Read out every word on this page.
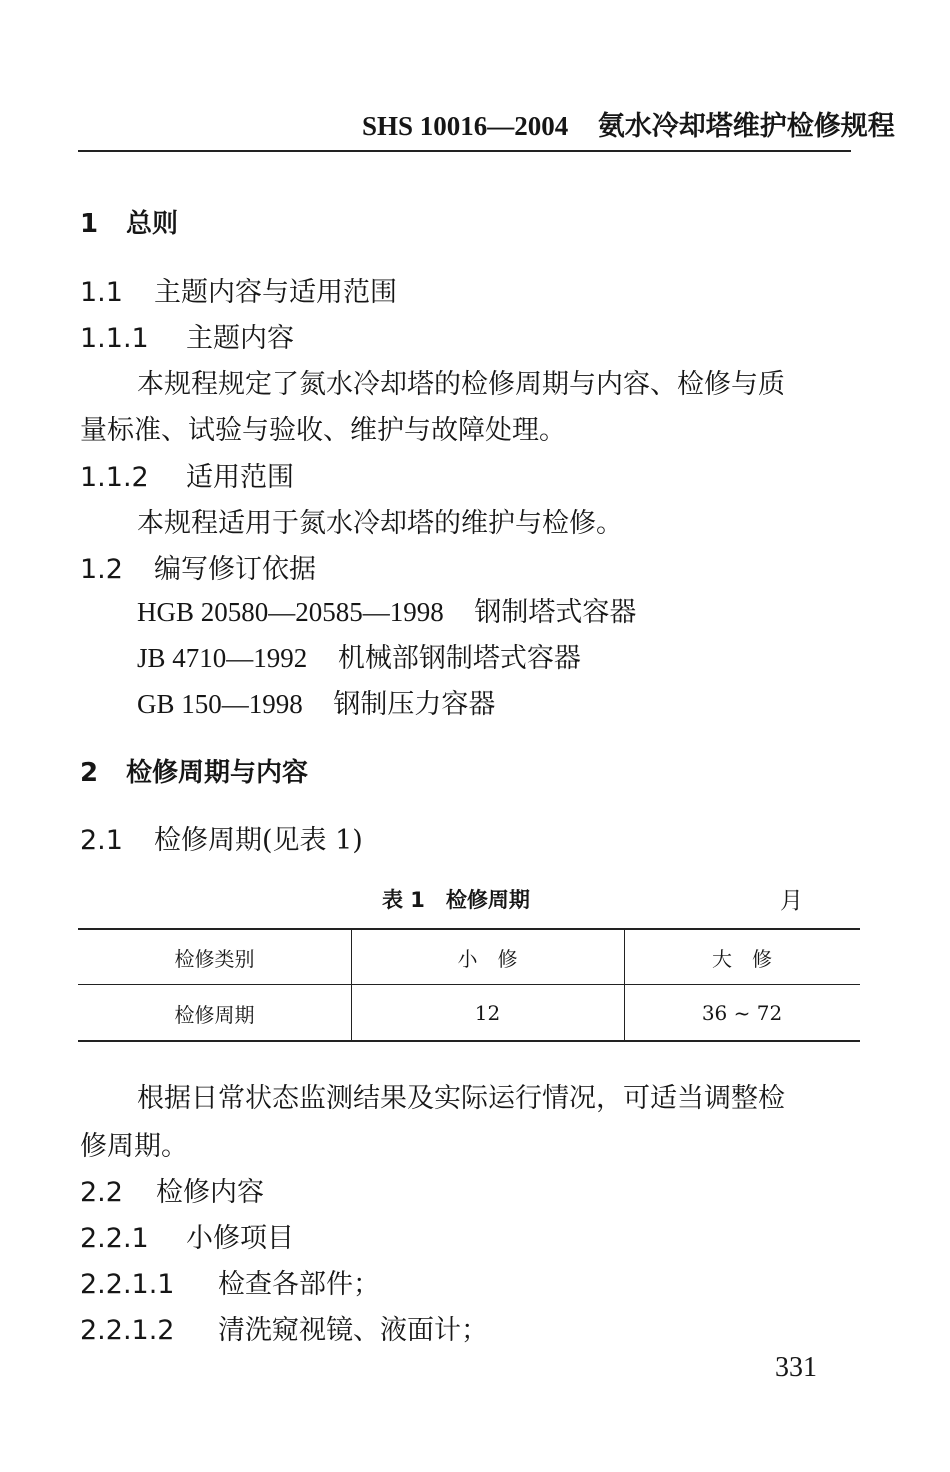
SHS 10016—2004 氨水冷却塔维护检修规程
1 总则
1.1 主题内容与适用范围
1.1.1 主题内容
本规程规定了氮水冷却塔的检修周期与内容、检修与质
量标准、试验与验收、维护与故障处理。
1.1.2 适用范围
本规程适用于氮水冷却塔的维护与检修。
1.2 编写修订依据
HGB 20580—20585—1998 钢制塔式容器
JB 4710—1992 机械部钢制塔式容器
GB 150—1998 钢制压力容器
2 检修周期与内容
2.1 检修周期(见表 1)
表 1　检修周期	月
检修类别	小　修	大　修
检修周期	12	36 ~ 72
根据日常状态监测结果及实际运行情况，可适当调整检
修周期。
2.2 检修内容
2.2.1 小修项目
2.2.1.1 检查各部件；
2.2.1.2 清洗窥视镜、液面计；
331
